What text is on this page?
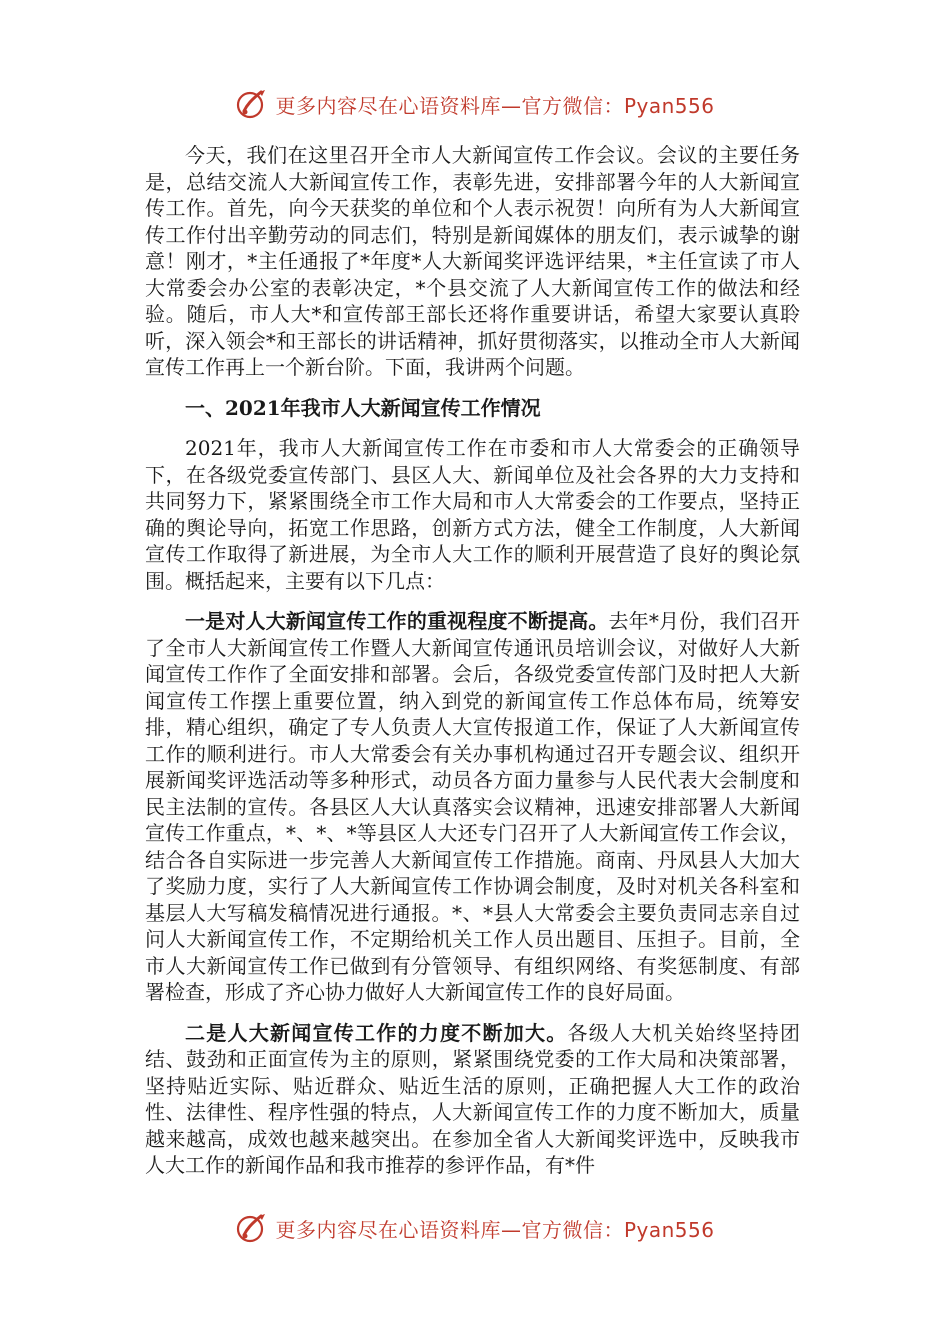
更多内容尽在心语资料库—官方微信：Pyan556

今天，我们在这里召开全市人大新闻宣传工作会议。会议的主要任务是，总结交流人大新闻宣传工作，表彰先进，安排部署今年的人大新闻宣传工作。首先，向今天获奖的单位和个人表示祝贺！向所有为人大新闻宣传工作付出辛勤劳动的同志们，特别是新闻媒体的朋友们，表示诚挚的谢意！刚才，*主任通报了*年度*人大新闻奖评选评结果，*主任宣读了市人大常委会办公室的表彰决定，*个县交流了人大新闻宣传工作的做法和经验。随后，市人大*和宣传部王部长还将作重要讲话，希望大家要认真聆听，深入领会*和王部长的讲话精神，抓好贯彻落实，以推动全市人大新闻宣传工作再上一个新台阶。下面，我讲两个问题。

一、2021年我市人大新闻宣传工作情况

2021年，我市人大新闻宣传工作在市委和市人大常委会的正确领导下，在各级党委宣传部门、县区人大、新闻单位及社会各界的大力支持和共同努力下，紧紧围绕全市工作大局和市人大常委会的工作要点，坚持正确的舆论导向，拓宽工作思路，创新方式方法，健全工作制度，人大新闻宣传工作取得了新进展，为全市人大工作的顺利开展营造了良好的舆论氛围。概括起来，主要有以下几点：

一是对人大新闻宣传工作的重视程度不断提高。去年*月份，我们召开了全市人大新闻宣传工作暨人大新闻宣传通讯员培训会议，对做好人大新闻宣传工作作了全面安排和部署。会后，各级党委宣传部门及时把人大新闻宣传工作摆上重要位置，纳入到党的新闻宣传工作总体布局，统筹安排，精心组织，确定了专人负责人大宣传报道工作，保证了人大新闻宣传工作的顺利进行。市人大常委会有关办事机构通过召开专题会议、组织开展新闻奖评选活动等多种形式，动员各方面力量参与人民代表大会制度和民主法制的宣传。各县区人大认真落实会议精神，迅速安排部署人大新闻宣传工作重点，*、*、*等县区人大还专门召开了人大新闻宣传工作会议，结合各自实际进一步完善人大新闻宣传工作措施。商南、丹凤县人大加大了奖励力度，实行了人大新闻宣传工作协调会制度，及时对机关各科室和基层人大写稿发稿情况进行通报。*、*县人大常委会主要负责同志亲自过问人大新闻宣传工作，不定期给机关工作人员出题目、压担子。目前，全市人大新闻宣传工作已做到有分管领导、有组织网络、有奖惩制度、有部署检查，形成了齐心协力做好人大新闻宣传工作的良好局面。

二是人大新闻宣传工作的力度不断加大。各级人大机关始终坚持团结、鼓劲和正面宣传为主的原则，紧紧围绕党委的工作大局和决策部署，坚持贴近实际、贴近群众、贴近生活的原则，正确把握人大工作的政治性、法律性、程序性强的特点，人大新闻宣传工作的力度不断加大，质量越来越高，成效也越来越突出。在参加全省人大新闻奖评选中，反映我市人大工作的新闻作品和我市推荐的参评作品，有*件

更多内容尽在心语资料库—官方微信：Pyan556
